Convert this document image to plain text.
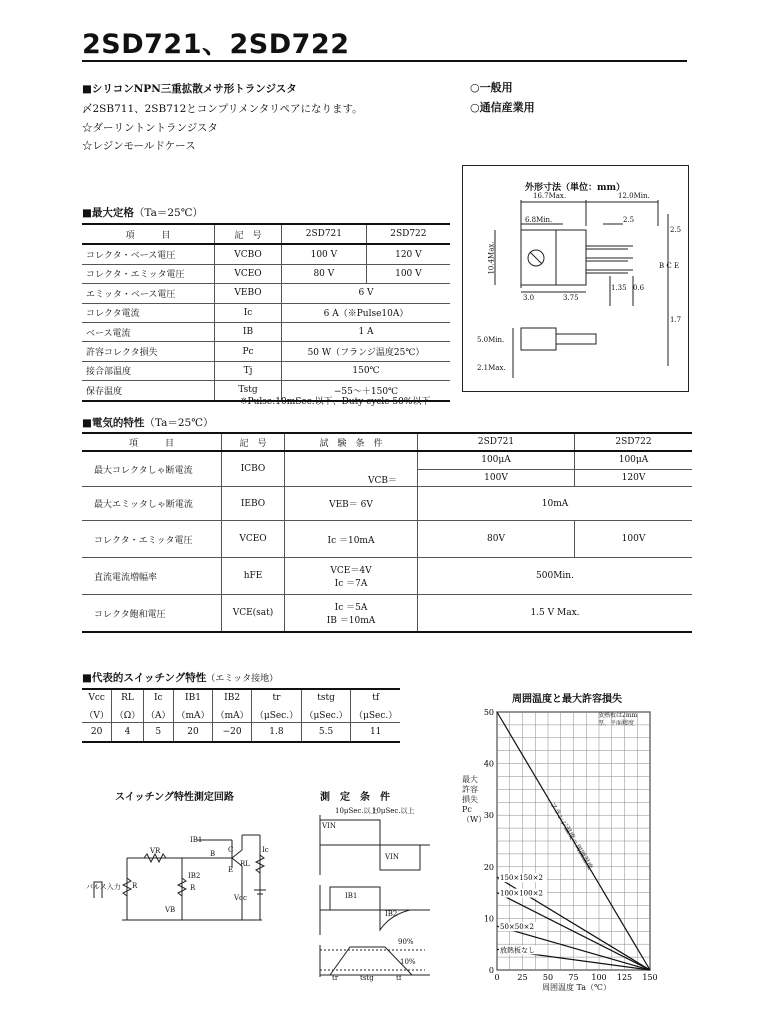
2SD721、2SD722
■シリコンNPN三重拡散メサ形トランジスタ
〆2SB711、2SB712とコンプリメンタリペアになります。
☆ダーリントントランジスタ
☆レジンモールドケース
○一般用
○通信産業用
外形寸法（単位：mm）
16.7Max.	12.0Min.
6.8Min.	2.5
10.4Max.
3.0	3.75
1.35 0.6
2.5
1.7
5.0Min.
2.1Max.
B C E
■最大定格（Ta＝25℃）
項　　　目	記　号	2SD721	2SD722
コレクタ・ベース電圧	VCBO	100 V	120 V
コレクタ・エミッタ電圧	VCEO	80 V	100 V
エミッタ・ベース電圧	VEBO	6 V	
コレクタ電流	Ic	6 A（※Pulse10A）	
ベース電流	IB	1 A	
許容コレクタ損失	Pc	50 W（フランジ温度25℃）	
接合部温度	Tj	150℃	
保存温度	Tstg	−55～＋150℃	
※Pulse:10mSec.以下、Duty cycle 50%以下
■電気的特性（Ta＝25℃）
項　　　目	記　号	試　験　条　件	2SD721	2SD722
最大コレクタしゃ断電流	ICBO	VCB＝	100μA	100μA
			100V	120V
最大エミッタしゃ断電流	IEBO	VEB＝ 6V	10mA	
コレクタ・エミッタ電圧	VCEO	Ic ＝10mA	80V	100V
直流電流増幅率	hFE	VCE＝4V
Ic ＝7A	500Min.	
コレクタ飽和電圧	VCE(sat)	Ic ＝5A
IB ＝10mA	1.5 V Max.	
■代表的スイッチング特性（エミッタ接地）
Vcc	RL	Ic	IB1	IB2	tr	tstg	tf
（V）	（Ω）	（A）	（mA）	（mA）	（μSec.）	（μSec.）	（μSec.）
20	4	5	20	−20	1.8	5.5	11
スイッチング特性測定回路
VR
IB1
IB2
R	R
VB
B C
E
RL
Ic
Vcc
パルス入力
測　定　条　件
10μSec.以上
10μSec.以上
VIN
VIN
IB1
IB2
90%
10%
tr	tstg	tf
周囲温度と最大許容損失
最大許容損失 Pc（W）
周囲温度 Ta（℃）
放熱板は2mm厚、平面精度
0 25 50 75 100 125 150
0
10
20
30
40
50
フランジ温度＝周囲温度
150×150×2
100×100×2
50×50×2
放熱板なし
